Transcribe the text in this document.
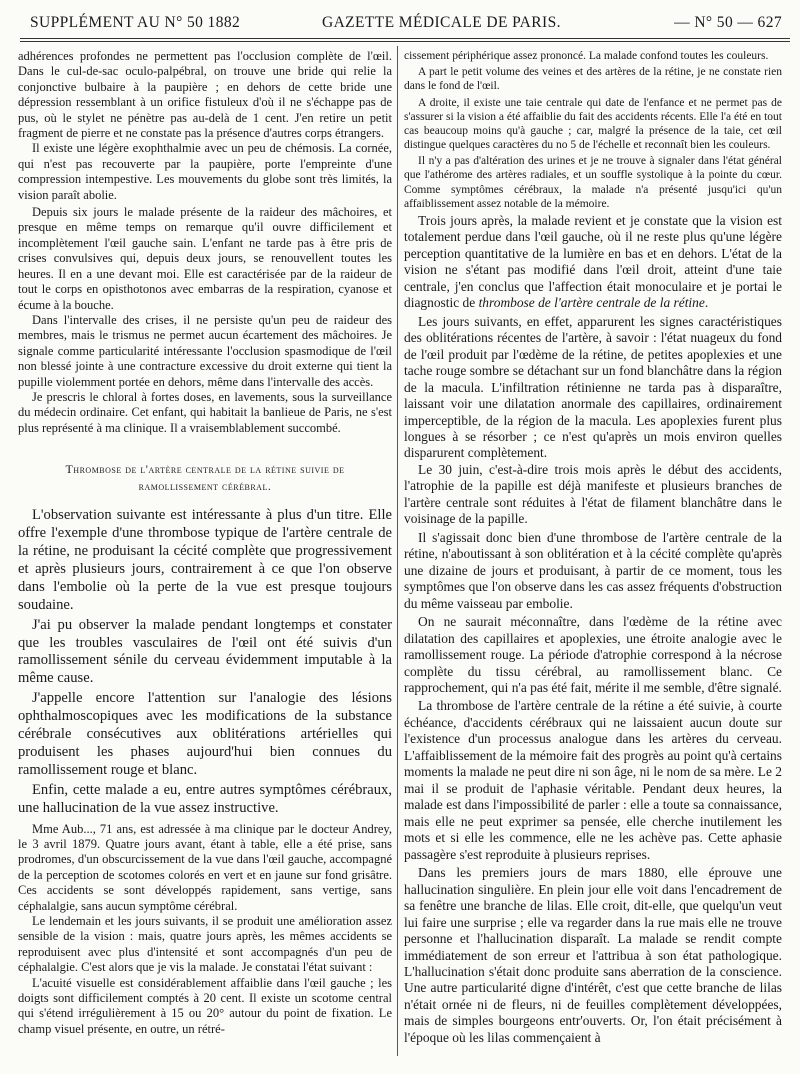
SUPPLÉMENT AU N° 50 1882	GAZETTE MÉDICALE DE PARIS.	— N° 50 — 627

adhérences profondes ne permettent pas l'occlusion complète de l'œil. Dans le cul-de-sac oculo-palpébral, on trouve une bride qui relie la conjonctive bulbaire à la paupière ; en dehors de cette bride une dépression ressemblant à un orifice fistuleux d'où il ne s'échappe pas de pus, où le stylet ne pénètre pas au-delà de 1 cent. J'en retire un petit fragment de pierre et ne constate pas la présence d'autres corps étrangers.

Il existe une légère exophthalmie avec un peu de chémosis. La cornée, qui n'est pas recouverte par la paupière, porte l'empreinte d'une compression intempestive. Les mouvements du globe sont très limités, la vision paraît abolie.

Depuis six jours le malade présente de la raideur des mâchoires, et presque en même temps on remarque qu'il ouvre difficilement et incomplètement l'œil gauche sain. L'enfant ne tarde pas à être pris de crises convulsives qui, depuis deux jours, se renouvellent toutes les heures. Il en a une devant moi. Elle est caractérisée par de la raideur de tout le corps en opisthotonos avec embarras de la respiration, cyanose et écume à la bouche.

Dans l'intervalle des crises, il ne persiste qu'un peu de raideur des membres, mais le trismus ne permet aucun écartement des mâchoires. Je signale comme particularité intéressante l'occlusion spasmodique de l'œil non blessé jointe à une contracture excessive du droit externe qui tient la pupille violemment portée en dehors, même dans l'intervalle des accès.

Je prescris le chloral à fortes doses, en lavements, sous la surveillance du médecin ordinaire. Cet enfant, qui habitait la banlieue de Paris, ne s'est plus représenté à ma clinique. Il a vraisemblablement succombé.

Thrombose de l'artère centrale de la rétine suivie de
ramollissement cérébral.

L'observation suivante est intéressante à plus d'un titre. Elle offre l'exemple d'une thrombose typique de l'artère centrale de la rétine, ne produisant la cécité complète que progressivement et après plusieurs jours, contrairement à ce que l'on observe dans l'embolie où la perte de la vue est presque toujours soudaine.

J'ai pu observer la malade pendant longtemps et constater que les troubles vasculaires de l'œil ont été suivis d'un ramollissement sénile du cerveau évidemment imputable à la même cause.

J'appelle encore l'attention sur l'analogie des lésions ophthalmoscopiques avec les modifications de la substance cérébrale consécutives aux oblitérations artérielles qui produisent les phases aujourd'hui bien connues du ramollissement rouge et blanc.

Enfin, cette malade a eu, entre autres symptômes cérébraux, une hallucination de la vue assez instructive.

Mme Aub..., 71 ans, est adressée à ma clinique par le docteur Andrey, le 3 avril 1879. Quatre jours avant, étant à table, elle a été prise, sans prodromes, d'un obscurcissement de la vue dans l'œil gauche, accompagné de la perception de scotomes colorés en vert et en jaune sur fond grisâtre. Ces accidents se sont développés rapidement, sans vertige, sans céphalalgie, sans aucun symptôme cérébral.

Le lendemain et les jours suivants, il se produit une amélioration assez sensible de la vision : mais, quatre jours après, les mêmes accidents se reproduisent avec plus d'intensité et sont accompagnés d'un peu de céphalalgie. C'est alors que je vis la malade. Je constatai l'état suivant :

L'acuité visuelle est considérablement affaiblie dans l'œil gauche ; les doigts sont difficilement comptés à 20 cent. Il existe un scotome central qui s'étend irrégulièrement à 15 ou 20° autour du point de fixation. Le champ visuel présente, en outre, un rétré-

cissement périphérique assez prononcé. La malade confond toutes les couleurs.

A part le petit volume des veines et des artères de la rétine, je ne constate rien dans le fond de l'œil.

A droite, il existe une taie centrale qui date de l'enfance et ne permet pas de s'assurer si la vision a été affaiblie du fait des accidents récents. Elle l'a été en tout cas beaucoup moins qu'à gauche ; car, malgré la présence de la taie, cet œil distingue quelques caractères du no 5 de l'échelle et reconnaît bien les couleurs.

Il n'y a pas d'altération des urines et je ne trouve à signaler dans l'état général que l'athérome des artères radiales, et un souffle systolique à la pointe du cœur. Comme symptômes cérébraux, la malade n'a présenté jusqu'ici qu'un affaiblissement assez notable de la mémoire.

Trois jours après, la malade revient et je constate que la vision est totalement perdue dans l'œil gauche, où il ne reste plus qu'une légère perception quantitative de la lumière en bas et en dehors. L'état de la vision ne s'étant pas modifié dans l'œil droit, atteint d'une taie centrale, j'en conclus que l'affection était monoculaire et je portai le diagnostic de thrombose de l'artère centrale de la rétine.

Les jours suivants, en effet, apparurent les signes caractéristiques des oblitérations récentes de l'artère, à savoir : l'état nuageux du fond de l'œil produit par l'œdème de la rétine, de petites apoplexies et une tache rouge sombre se détachant sur un fond blanchâtre dans la région de la macula. L'infiltration rétinienne ne tarda pas à disparaître, laissant voir une dilatation anormale des capillaires, ordinairement imperceptible, de la région de la macula. Les apoplexies furent plus longues à se résorber ; ce n'est qu'après un mois environ quelles disparurent complètement.

Le 30 juin, c'est-à-dire trois mois après le début des accidents, l'atrophie de la papille est déjà manifeste et plusieurs branches de l'artère centrale sont réduites à l'état de filament blanchâtre dans le voisinage de la papille.

Il s'agissait donc bien d'une thrombose de l'artère centrale de la rétine, n'aboutissant à son oblitération et à la cécité complète qu'après une dizaine de jours et produisant, à partir de ce moment, tous les symptômes que l'on observe dans les cas assez fréquents d'obstruction du même vaisseau par embolie.

On ne saurait méconnaître, dans l'œdème de la rétine avec dilatation des capillaires et apoplexies, une étroite analogie avec le ramollissement rouge. La période d'atrophie correspond à la nécrose complète du tissu cérébral, au ramollissement blanc. Ce rapprochement, qui n'a pas été fait, mérite il me semble, d'être signalé.

La thrombose de l'artère centrale de la rétine a été suivie, à courte échéance, d'accidents cérébraux qui ne laissaient aucun doute sur l'existence d'un processus analogue dans les artères du cerveau. L'affaiblissement de la mémoire fait des progrès au point qu'à certains moments la malade ne peut dire ni son âge, ni le nom de sa mère. Le 2 mai il se produit de l'aphasie véritable. Pendant deux heures, la malade est dans l'impossibilité de parler : elle a toute sa connaissance, mais elle ne peut exprimer sa pensée, elle cherche inutilement les mots et si elle les commence, elle ne les achève pas. Cette aphasie passagère s'est reproduite à plusieurs reprises.

Dans les premiers jours de mars 1880, elle éprouve une hallucination singulière. En plein jour elle voit dans l'encadrement de sa fenêtre une branche de lilas. Elle croit, dit-elle, que quelqu'un veut lui faire une surprise ; elle va regarder dans la rue mais elle ne trouve personne et l'hallucination disparaît. La malade se rendit compte immédiatement de son erreur et l'attribua à son état pathologique. L'hallucination s'était donc produite sans aberration de la conscience. Une autre particularité digne d'intérêt, c'est que cette branche de lilas n'était ornée ni de fleurs, ni de feuilles complètement développées, mais de simples bourgeons entr'ouverts. Or, l'on était précisément à l'époque où les lilas commençaient à
